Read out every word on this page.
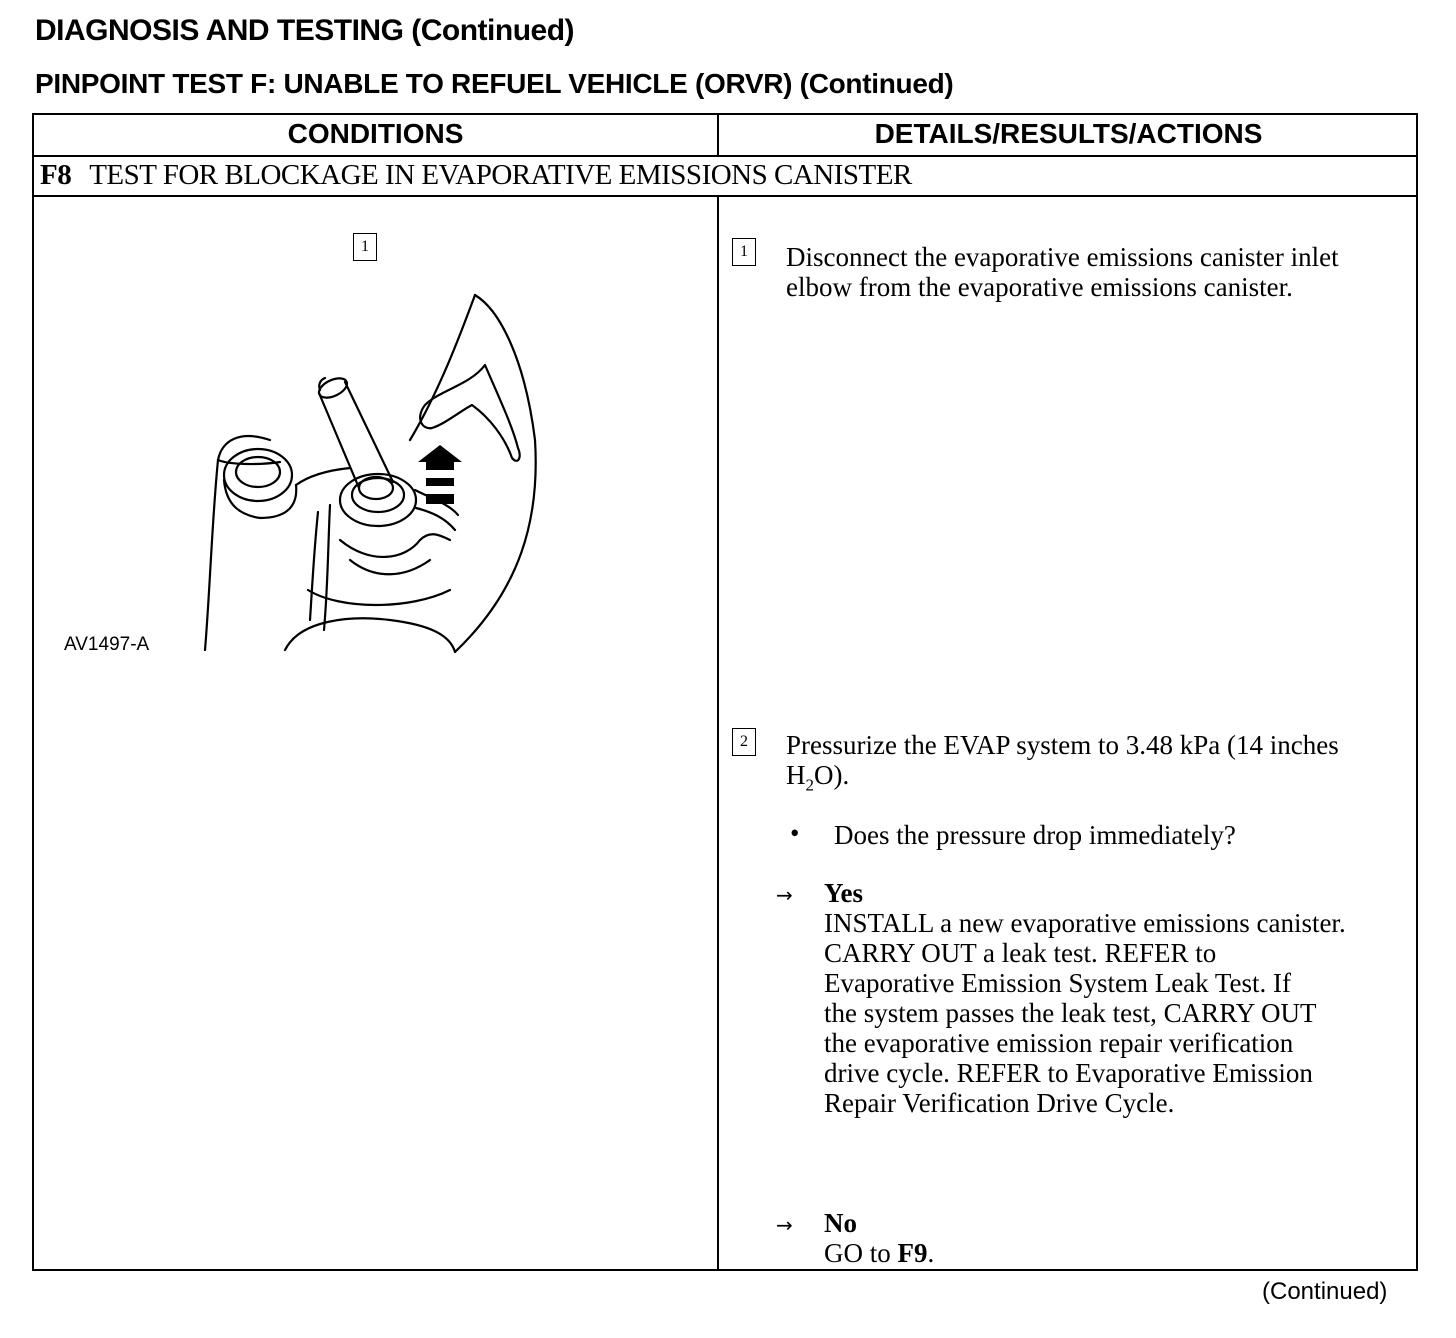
DIAGNOSIS AND TESTING (Continued)
PINPOINT TEST F: UNABLE TO REFUEL VEHICLE (ORVR) (Continued)
CONDITIONS	DETAILS/RESULTS/ACTIONS
F8 TEST FOR BLOCKAGE IN EVAPORATIVE EMISSIONS CANISTER
1
AV1497-A
1 Disconnect the evaporative emissions canister inlet
elbow from the evaporative emissions canister.
2 Pressurize the EVAP system to 3.48 kPa (14 inches
$H_2O$).
• Does the pressure drop immediately?
→ Yes
INSTALL a new evaporative emissions canister.
CARRY OUT a leak test. REFER to
Evaporative Emission System Leak Test. If
the system passes the leak test, CARRY OUT
the evaporative emission repair verification
drive cycle. REFER to Evaporative Emission
Repair Verification Drive Cycle.
→ No
GO to F9.
(Continued)
